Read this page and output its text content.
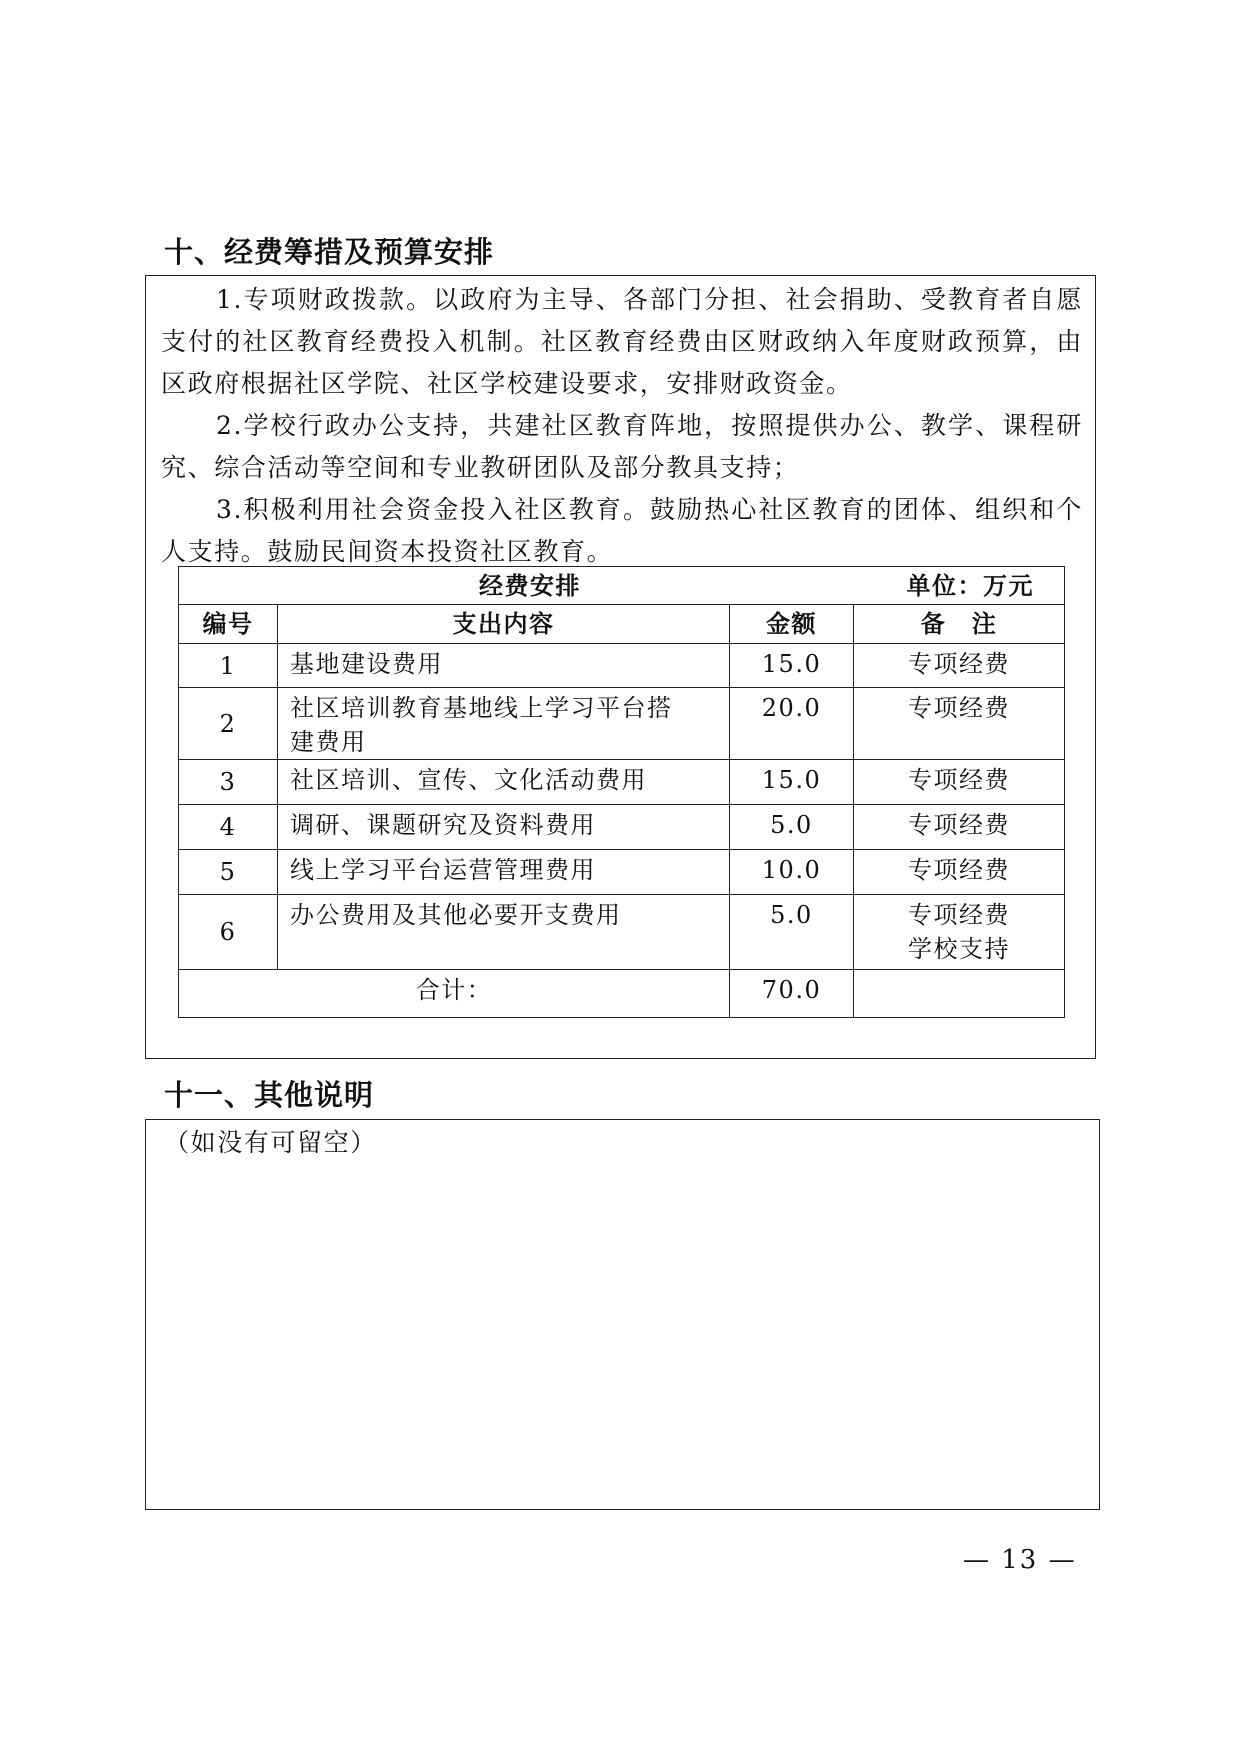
十、经费筹措及预算安排

1.专项财政拨款。以政府为主导、各部门分担、社会捐助、受教育者自愿支付的社区教育经费投入机制。社区教育经费由区财政纳入年度财政预算，由区政府根据社区学院、社区学校建设要求，安排财政资金。

2.学校行政办公支持，共建社区教育阵地，按照提供办公、教学、课程研究、综合活动等空间和专业教研团队及部分教具支持；

3.积极利用社会资金投入社区教育。鼓励热心社区教育的团体、组织和个人支持。鼓励民间资本投资社区教育。

经费安排 单位：万元			

编号	支出内容	金额	备　注
1	基地建设费用	15.0	专项经费
2	社区培训教育基地线上学习平台搭建费用	20.0	专项经费
3	社区培训、宣传、文化活动费用	15.0	专项经费
4	调研、课题研究及资料费用	5.0	专项经费
5	线上学习平台运营管理费用	10.0	专项经费
6	办公费用及其他必要开支费用	5.0	专项经费
学校支持

合计：		70.0	
十一、其他说明

（如没有可留空）

— 13 —
